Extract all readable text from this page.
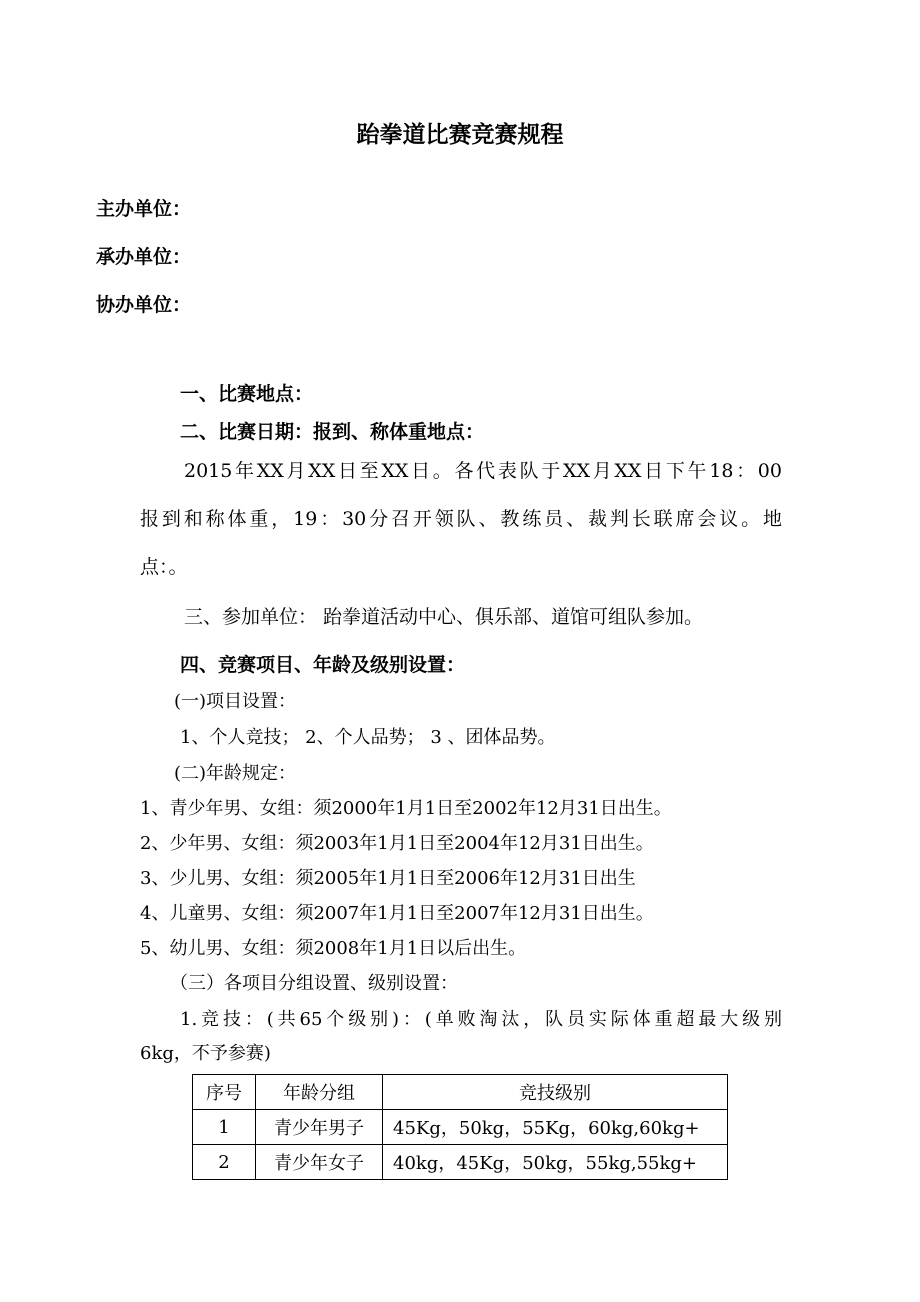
跆拳道比赛竞赛规程
主办单位：
承办单位：
协办单位：
一、比赛地点：
二、比赛日期：报到、称体重地点：
2015年XX月XX日至XX日。各代表队于XX月XX日下午18：00
报到和称体重，19：30分召开领队、教练员、裁判长联席会议。地
点：。
三、参加单位： 跆拳道活动中心、俱乐部、道馆可组队参加。
四、竞赛项目、年龄及级别设置：
(一)项目设置：
1、个人竞技； 2、个人品势； 3 、团体品势。
(二)年龄规定：
1、青少年男、女组：须2000年1月1日至2002年12月31日出生。
2、少年男、女组：须2003年1月1日至2004年12月31日出生。
3、少儿男、女组：须2005年1月1日至2006年12月31日出生
4、儿童男、女组：须2007年1月1日至2007年12月31日出生。
5、幼儿男、女组：须2008年1月1日以后出生。
（三）各项目分组设置、级别设置：
1.竞技：(共65个级别)：(单败淘汰，队员实际体重超最大级别
6kg，不予参赛)
序号	年龄分组	竞技级别
1	青少年男子	45Kg，50kg，55Kg，60kg,60kg+
2	青少年女子	40kg，45Kg，50kg，55kg,55kg+
